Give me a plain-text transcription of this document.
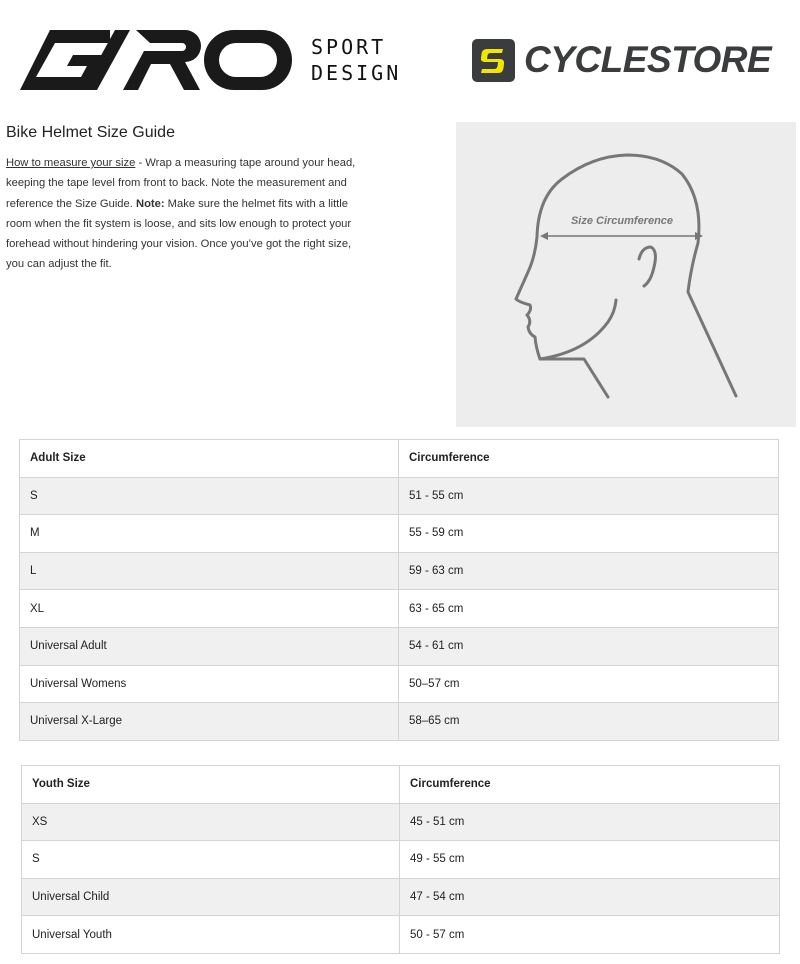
SPORT
DESIGN	CYCLESTORE
Bike Helmet Size Guide

How to measure your size - Wrap a measuring tape around your head, keeping the tape level from front to back. Note the measurement and reference the Size Guide. Note: Make sure the helmet fits with a little room when the fit system is loose, and sits low enough to protect your forehead without hindering your vision. Once you’ve got the right size, you can adjust the fit.

Size Circumference
Adult Size	Circumference
S	51 - 55 cm
M	55 - 59 cm
L	59 - 63 cm
XL	63 - 65 cm
Universal Adult	54 - 61 cm
Universal Womens	50–57 cm
Universal X-Large	58–65 cm
Youth Size	Circumference
XS	45 - 51 cm
S	49 - 55 cm
Universal Child	47 - 54 cm
Universal Youth	50 - 57 cm
